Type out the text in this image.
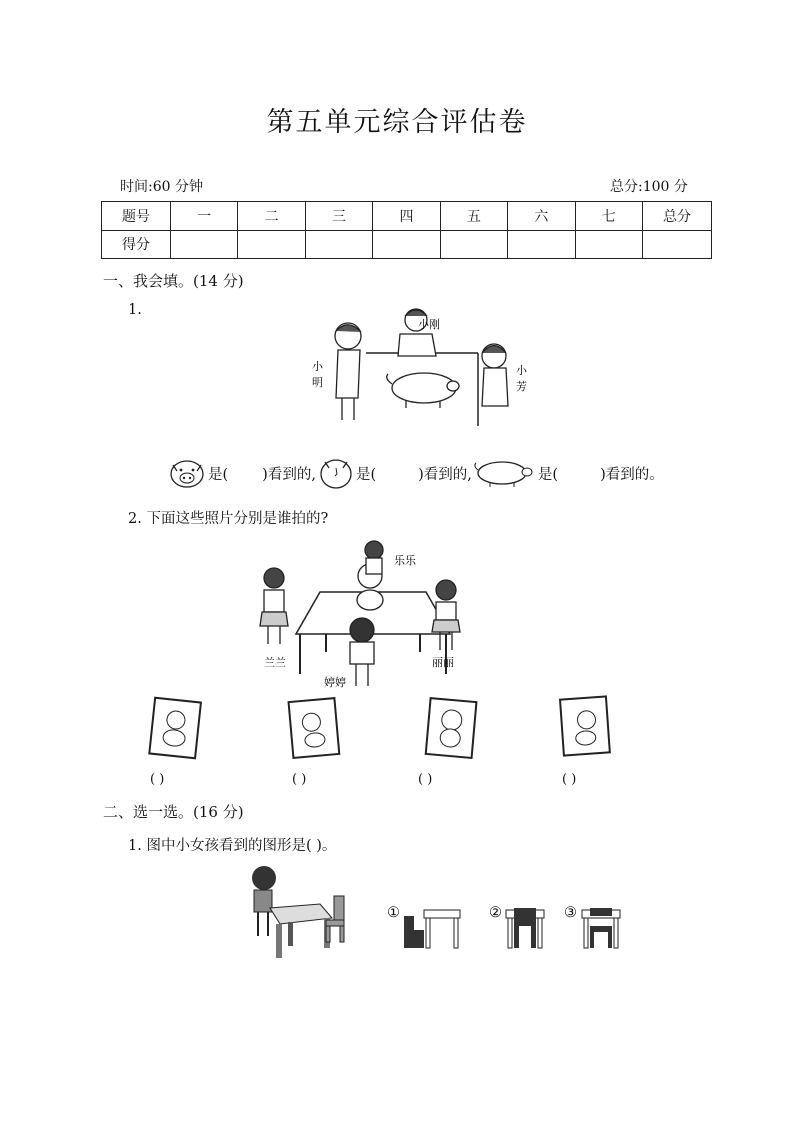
第五单元综合评估卷
时间:60 分钟	总分:100 分
题号	一	二	三	四	五	六	七	总分
得分								
一、我会填。(14 分)
1.
小刚
小
明
小
芳
是( )看到的,	是(	)看到的,	是(	)看到的。
2. 下面这些照片分别是谁拍的?
乐乐
兰兰
婷婷
丽丽
( )	( )	( )	( )
二、选一选。(16 分)
1. 图中小女孩看到的图形是( )。
①	②	③
